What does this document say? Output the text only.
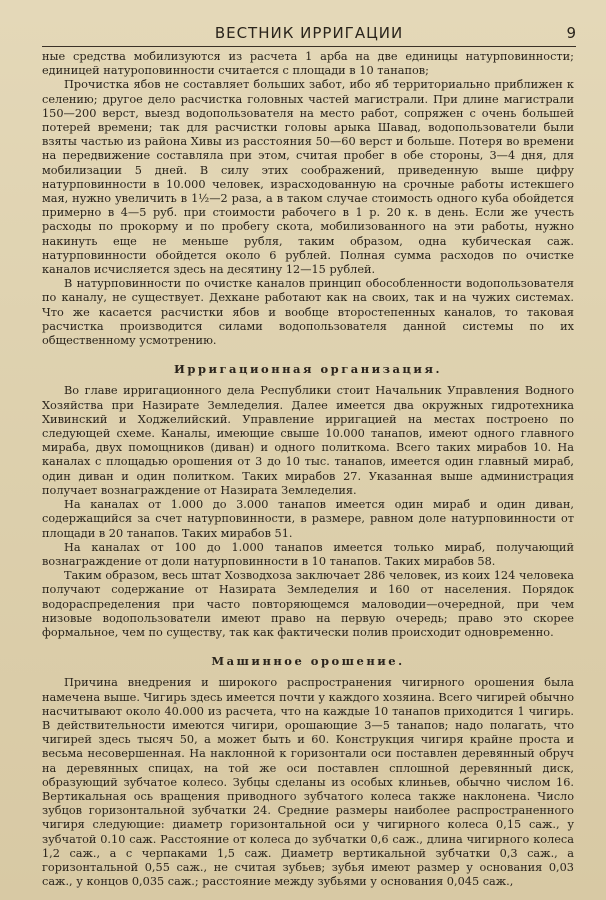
ВЕСТНИК ИРРИГАЦИИ	9

ные средства мобилизуются из расчета 1 арба на две единицы натурповинности; единицей натуроповинности считается с площади в 10 танапов;

Прочистка ябов не составляет больших забот, ибо яб территориально приближен к селению; другое дело расчистка головных частей магистрали. При длине магистрали 150—200 верст, выезд водопользователя на место работ, сопряжен с очень большей потерей времени; так для расчистки головы арыка Шавад, водопользователи были взяты частью из района Хивы из расстояния 50—60 верст и больше. Потеря во времени на передвижение составляла при этом, считая пробег в обе стороны, 3—4 дня, для мобилизации 5 дней. В силу этих соображений, приведенную выше цифру натурповинности в 10.000 человек, израсходованную на срочные работы истекшего мая, нужно увеличить в 1½—2 раза, а в таком случае стоимость одного куба обойдется примерно в 4—5 руб. при стоимости рабочего в 1 р. 20 к. в день. Если же учесть расходы по прокорму и по пробегу скота, мобилизованного на эти работы, нужно накинуть еще не меньше рубля, таким образом, одна кубическая саж. натурповинности обойдется около 6 рублей. Полная сумма расходов по очистке каналов исчисляется здесь на десятину 12—15 рублей.

В натурповинности по очистке каналов принцип обособленности водопользователя по каналу, не существует. Дехкане работают как на своих, так и на чужих системах. Что же касается расчистки ябов и вообще второстепенных каналов, то таковая расчистка производится силами водопользователя данной системы по их общественному усмотрению.

Ирригационная организация.

Во главе ирригационного дела Республики стоит Начальник Управления Водного Хозяйства при Назирате Земледелия. Далее имеется два окружных гидротехника Хивинский и Ходжелийский. Управление ирригацией на местах построено по следующей схеме. Каналы, имеющие свыше 10.000 танапов, имеют одного главного мираба, двух помощников (диван) и одного политкома. Всего таких мирабов 10. На каналах с площадью орошения от 3 до 10 тыс. танапов, имеется один главный мираб, один диван и один политком. Таких мирабов 27. Указанная выше администрация получает вознаграждение от Назирата Земледелия.

На каналах от 1.000 до 3.000 танапов имеется один мираб и один диван, содержащийся за счет натурповинности, в размере, равном доле натурповинности от площади в 20 танапов. Таких мирабов 51.

На каналах от 100 до 1.000 танапов имеется только мираб, получающий вознаграждение от доли натурповинности в 10 танапов. Таких мирабов 58.

Таким образом, весь штат Хозводхоза заключает 286 человек, из коих 124 человека получают содержание от Назирата Земледелия и 160 от населения. Порядок водораспределения при часто повторяющемся маловодии—очередной, при чем низовые водопользователи имеют право на первую очередь; право это скорее формальное, чем по существу, так как фактически полив происходит одновременно.

Машинное орошение.

Причина внедрения и широкого распространения чигирного орошения была намечена выше. Чигирь здесь имеется почти у каждого хозяина. Всего чигирей обычно насчитывают около 40.000 из расчета, что на каждые 10 танапов приходится 1 чигирь. В действительности имеются чигири, орошающие 3—5 танапов; надо полагать, что чигирей здесь тысяч 50, а может быть и 60. Конструкция чигиря крайне проста и весьма несовершенная. На наклонной к горизонтали оси поставлен деревянный обруч на деревянных спицах, на той же оси поставлен сплошной деревянный диск, образующий зубчатое колесо. Зубцы сделаны из особых клиньев, обычно числом 16. Вертикальная ось вращения приводного зубчатого колеса также наклонена. Число зубцов горизонтальной зубчатки 24. Средние размеры наиболее распространенного чигиря следующие: диаметр горизонтальной оси у чигирного колеса 0,15 саж., у зубчатой 0.10 саж. Расстояние от колеса до зубчатки 0,6 саж., длина чигирного колеса 1,2 саж., а с черпаками 1,5 саж. Диаметр вертикальной зубчатки 0,3 саж., а горизонтальной 0,55 саж., не считая зубьев; зубья имеют размер у основания 0,03 саж., у концов 0,035 саж.; расстояние между зубьями у основания 0,045 саж.,
